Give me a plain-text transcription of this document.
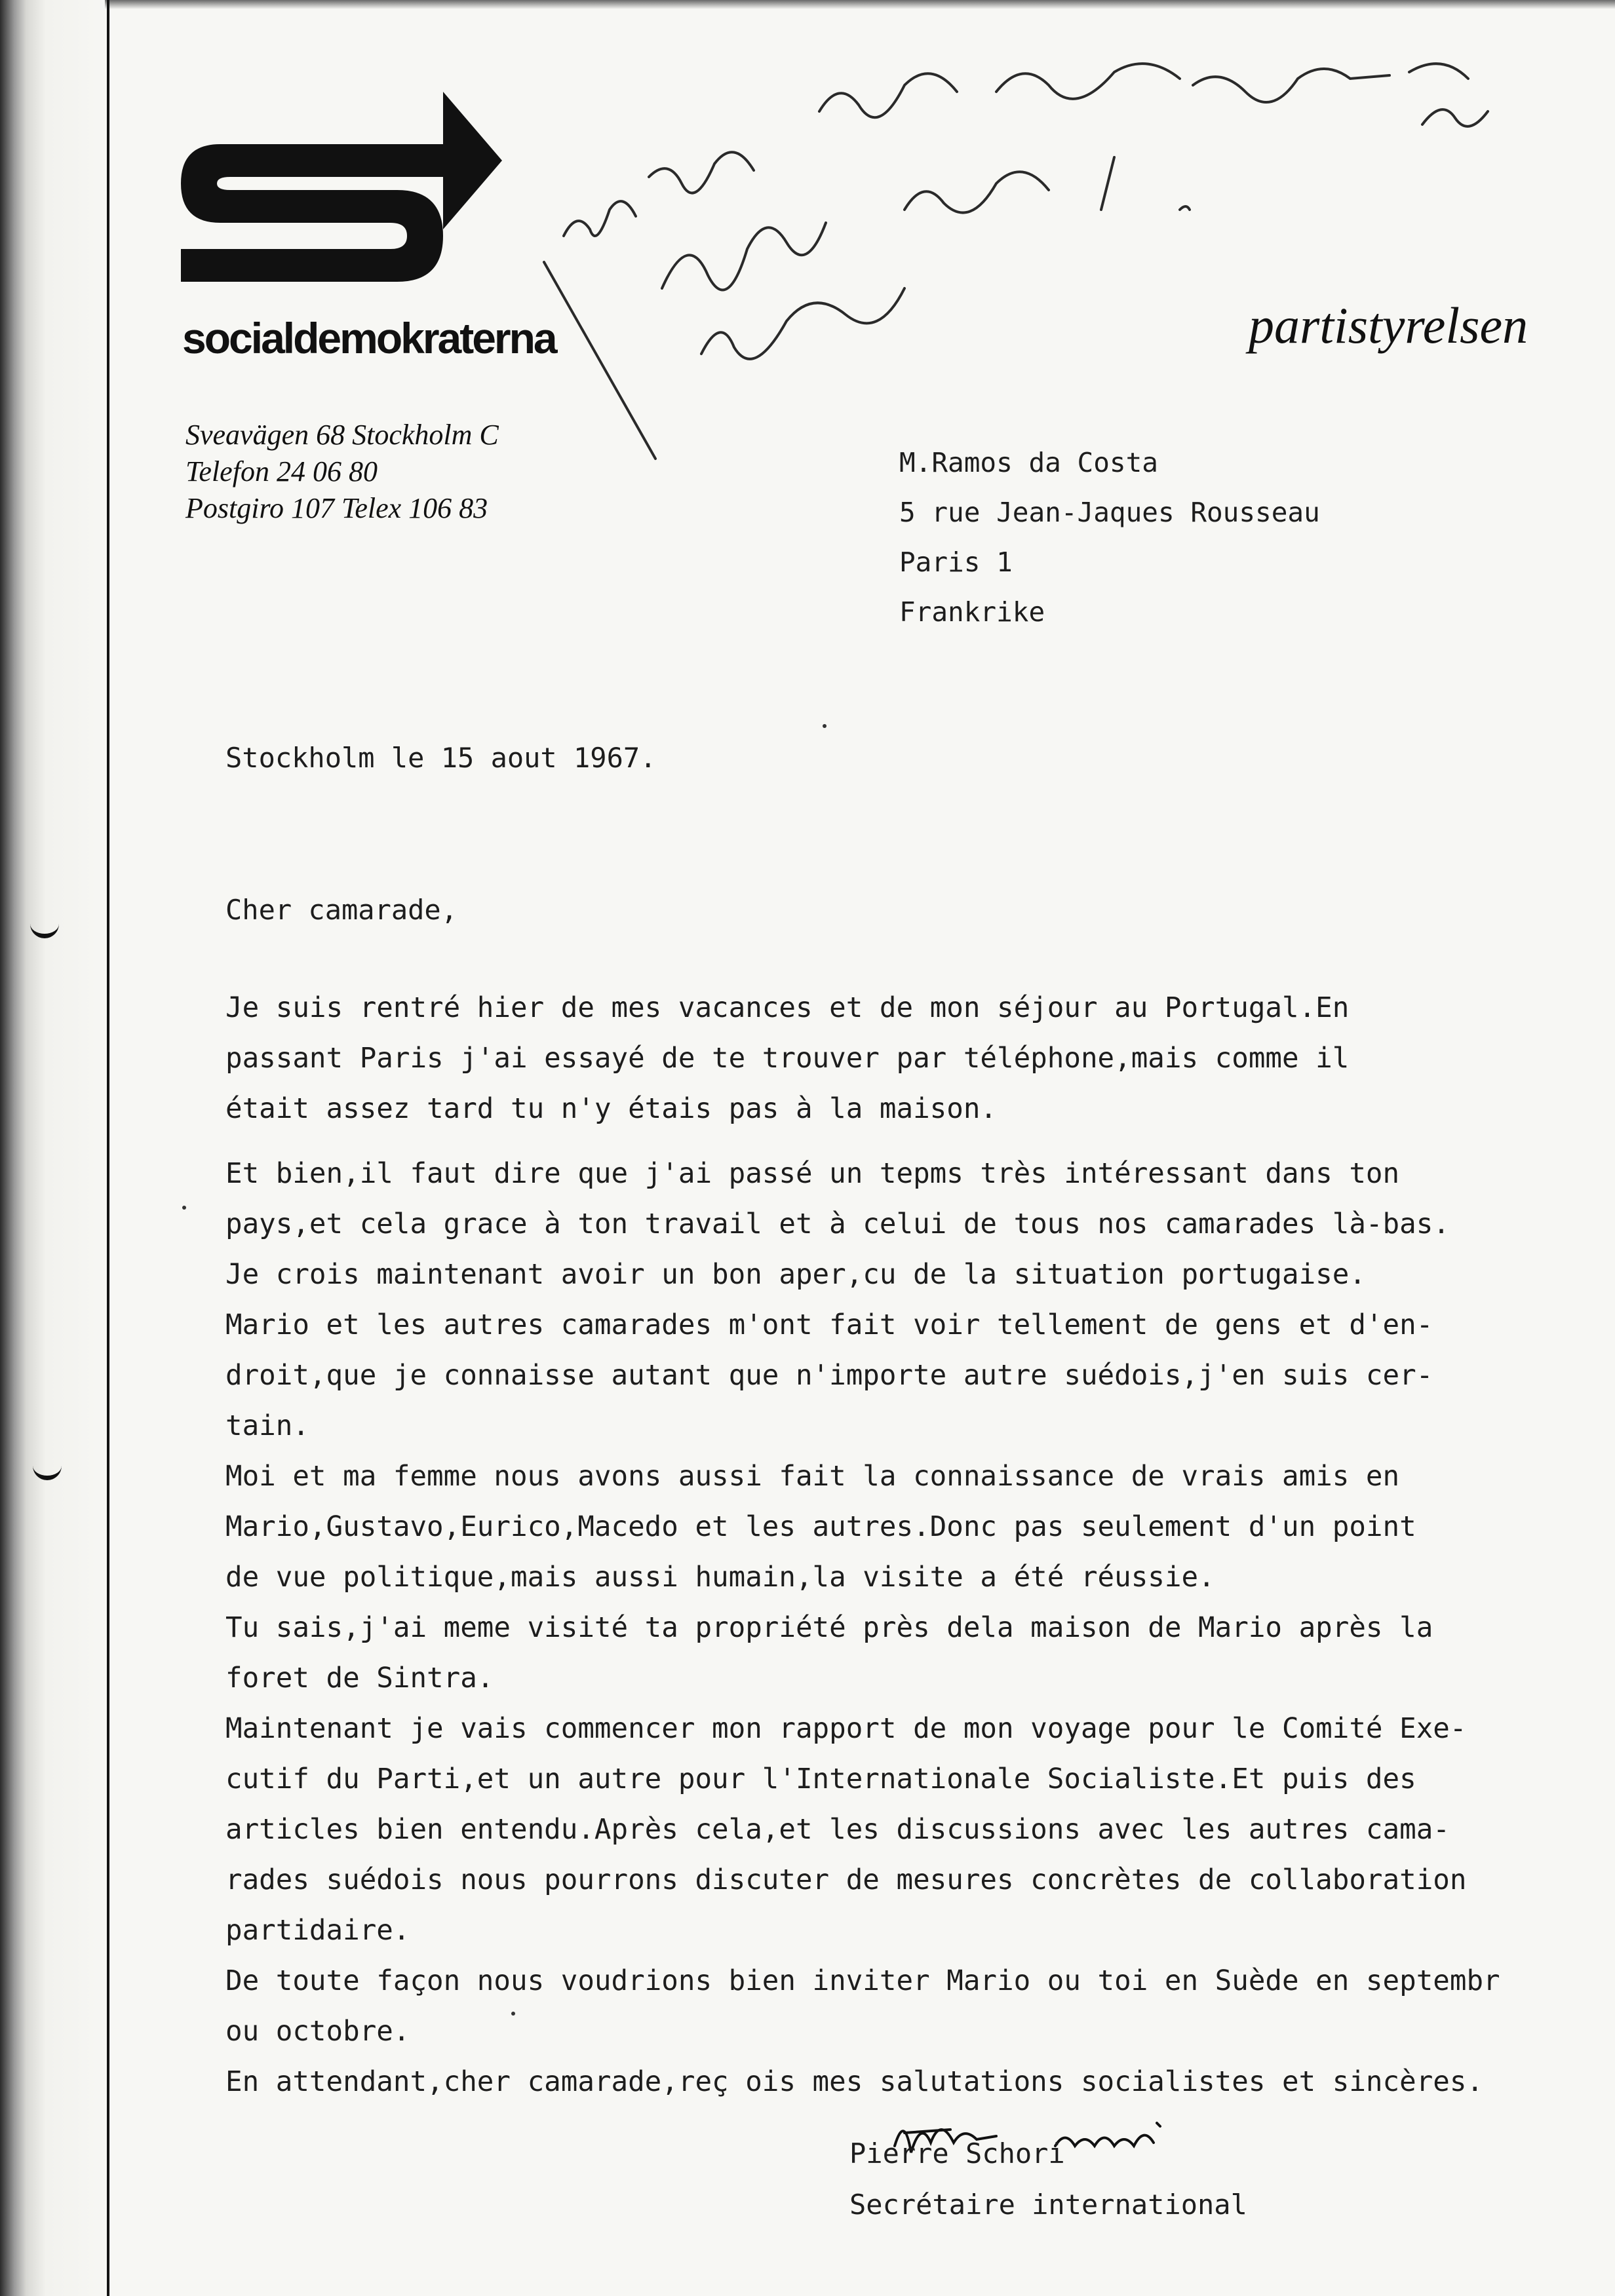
socialdemokraterna	partistyrelsen
Sveavägen 68 Stockholm C
Telefon 24 06 80
Postgiro 107 Telex 106 83
M.Ramos da Costa
5 rue Jean-Jaques Rousseau
Paris 1
Frankrike
Stockholm le 15 aout 1967.
Cher camarade,
Je suis rentré hier de mes vacances et de mon séjour au Portugal.En
passant Paris j'ai essayé de te trouver par téléphone,mais comme il
était assez tard tu n'y étais pas à la maison.
Et bien,il faut dire que j'ai passé un tepms très intéressant dans ton
pays,et cela grace à ton travail et à celui de tous nos camarades là-bas.
Je crois maintenant avoir un bon aper,cu de la situation portugaise.
Mario et les autres camarades m'ont fait voir tellement de gens et d'en-
droit,que je connaisse autant que n'importe autre suédois,j'en suis cer-
tain.
Moi et ma femme nous avons aussi fait la connaissance de vrais amis en
Mario,Gustavo,Eurico,Macedo et les autres.Donc pas seulement d'un point
de vue politique,mais aussi humain,la visite a été réussie.
Tu sais,j'ai meme visité ta propriété près dela maison de Mario après la
foret de Sintra.
Maintenant je vais commencer mon rapport de mon voyage pour le Comité Exe-
cutif du Parti,et un autre pour l'Internationale Socialiste.Et puis des
articles bien entendu.Après cela,et les discussions avec les autres cama-
rades suédois nous pourrons discuter de mesures concrètes de collaboration
partidaire.
De toute façon nous voudrions bien inviter Mario ou toi en Suède en septembr
ou octobre.
En attendant,cher camarade,reç ois mes salutations socialistes et sincères.
Pierre Schori
Secrétaire international
